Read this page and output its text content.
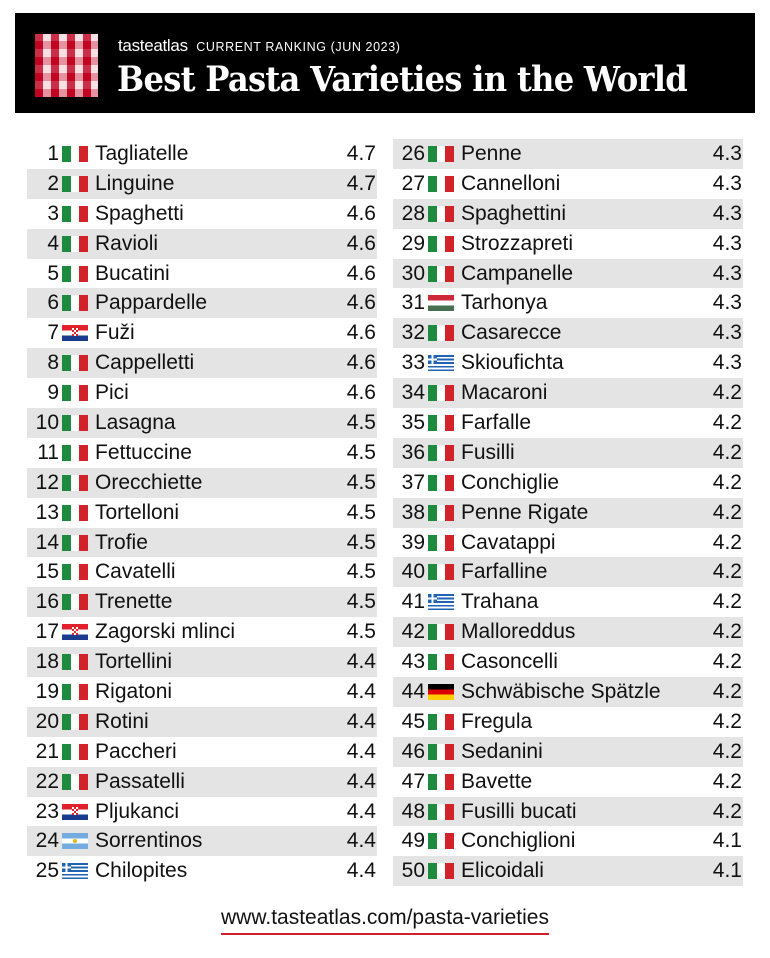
tasteatlas CURRENT RANKING (JUN 2023)
Best Pasta Varieties in the World
1 Tagliatelle	4.7
2 Linguine	4.7
3 Spaghetti	4.6
4 Ravioli	4.6
5 Bucatini	4.6
6 Pappardelle	4.6
7 Fuži	4.6
8 Cappelletti	4.6
9 Pici	4.6
10 Lasagna	4.5
11 Fettuccine	4.5
12 Orecchiette	4.5
13 Tortelloni	4.5
14 Trofie	4.5
15 Cavatelli	4.5
16 Trenette	4.5
17 Zagorski mlinci	4.5
18 Tortellini	4.4
19 Rigatoni	4.4
20 Rotini	4.4
21 Paccheri	4.4
22 Passatelli	4.4
23 Pljukanci	4.4
24 Sorrentinos	4.4
25 Chilopites	4.4
26 Penne	4.3
27 Cannelloni	4.3
28 Spaghettini	4.3
29 Strozzapreti	4.3
30 Campanelle	4.3
31 Tarhonya	4.3
32 Casarecce	4.3
33 Skioufichta	4.3
34 Macaroni	4.2
35 Farfalle	4.2
36 Fusilli	4.2
37 Conchiglie	4.2
38 Penne Rigate	4.2
39 Cavatappi	4.2
40 Farfalline	4.2
41 Trahana	4.2
42 Malloreddus	4.2
43 Casoncelli	4.2
44 Schwäbische Spätzle 4.2
45 Fregula	4.2
46 Sedanini	4.2
47 Bavette	4.2
48 Fusilli bucati	4.2
49 Conchiglioni	4.1
50 Elicoidali	4.1
www.tasteatlas.com/pasta-varieties
